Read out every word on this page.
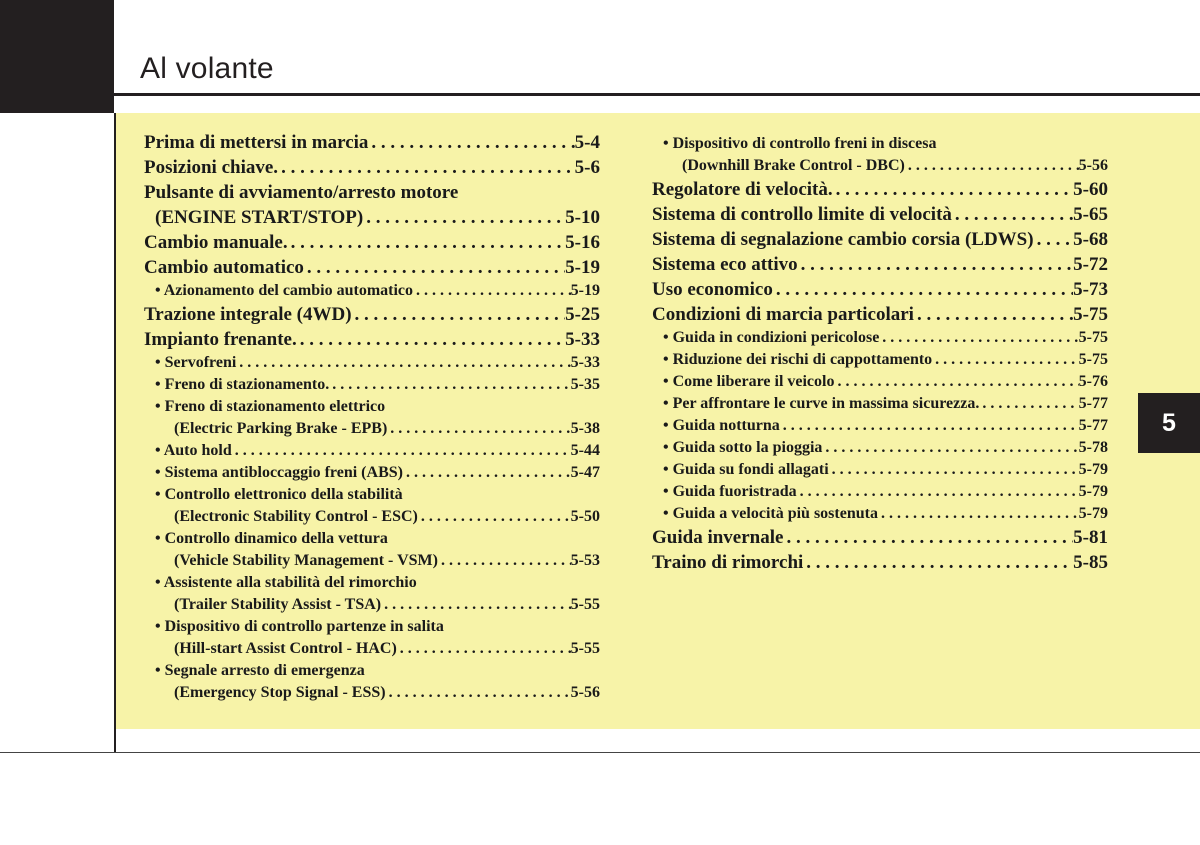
Al volante
5
Prima di mettersi in marcia . . .	5-4
Posizioni chiave. . . .	5-6
Pulsante di avviamento/arresto motore
(ENGINE START/STOP) . . .	5-10
Cambio manuale. . . .	5-16
Cambio automatico . . .	5-19
• Azionamento del cambio automatico . . .	5-19
Trazione integrale (4WD) . . .	5-25
Impianto frenante. . . .	5-33
• Servofreni . . .	5-33
• Freno di stazionamento. . . .	5-35
• Freno di stazionamento elettrico
(Electric Parking Brake - EPB) . . .	5-38
• Auto hold . . .	5-44
• Sistema antibloccaggio freni (ABS) . . .	5-47
• Controllo elettronico della stabilità
(Electronic Stability Control - ESC) . . .	5-50
• Controllo dinamico della vettura
(Vehicle Stability Management - VSM) . . .	5-53
• Assistente alla stabilità del rimorchio
(Trailer Stability Assist - TSA) . . .	5-55
• Dispositivo di controllo partenze in salita
(Hill-start Assist Control - HAC) . . .	5-55
• Segnale arresto di emergenza
(Emergency Stop Signal - ESS) . . .	5-56
• Dispositivo di controllo freni in discesa
(Downhill Brake Control - DBC) . . .	5-56
Regolatore di velocità. . . .	5-60
Sistema di controllo limite di velocità . . .	5-65
Sistema di segnalazione cambio corsia (LDWS) . . . 5-68
Sistema eco attivo . . .	5-72
Uso economico . . .	5-73
Condizioni di marcia particolari . . .	5-75
• Guida in condizioni pericolose . . .	5-75
• Riduzione dei rischi di cappottamento . . .	5-75
• Come liberare il veicolo . . .	5-76
• Per affrontare le curve in massima sicurezza. . . .	5-77
• Guida notturna . . .	5-77
• Guida sotto la pioggia . . .	5-78
• Guida su fondi allagati . . .	5-79
• Guida fuoristrada . . .	5-79
• Guida a velocità più sostenuta . . .	5-79
Guida invernale . . .	5-81
Traino di rimorchi . . .	5-85
